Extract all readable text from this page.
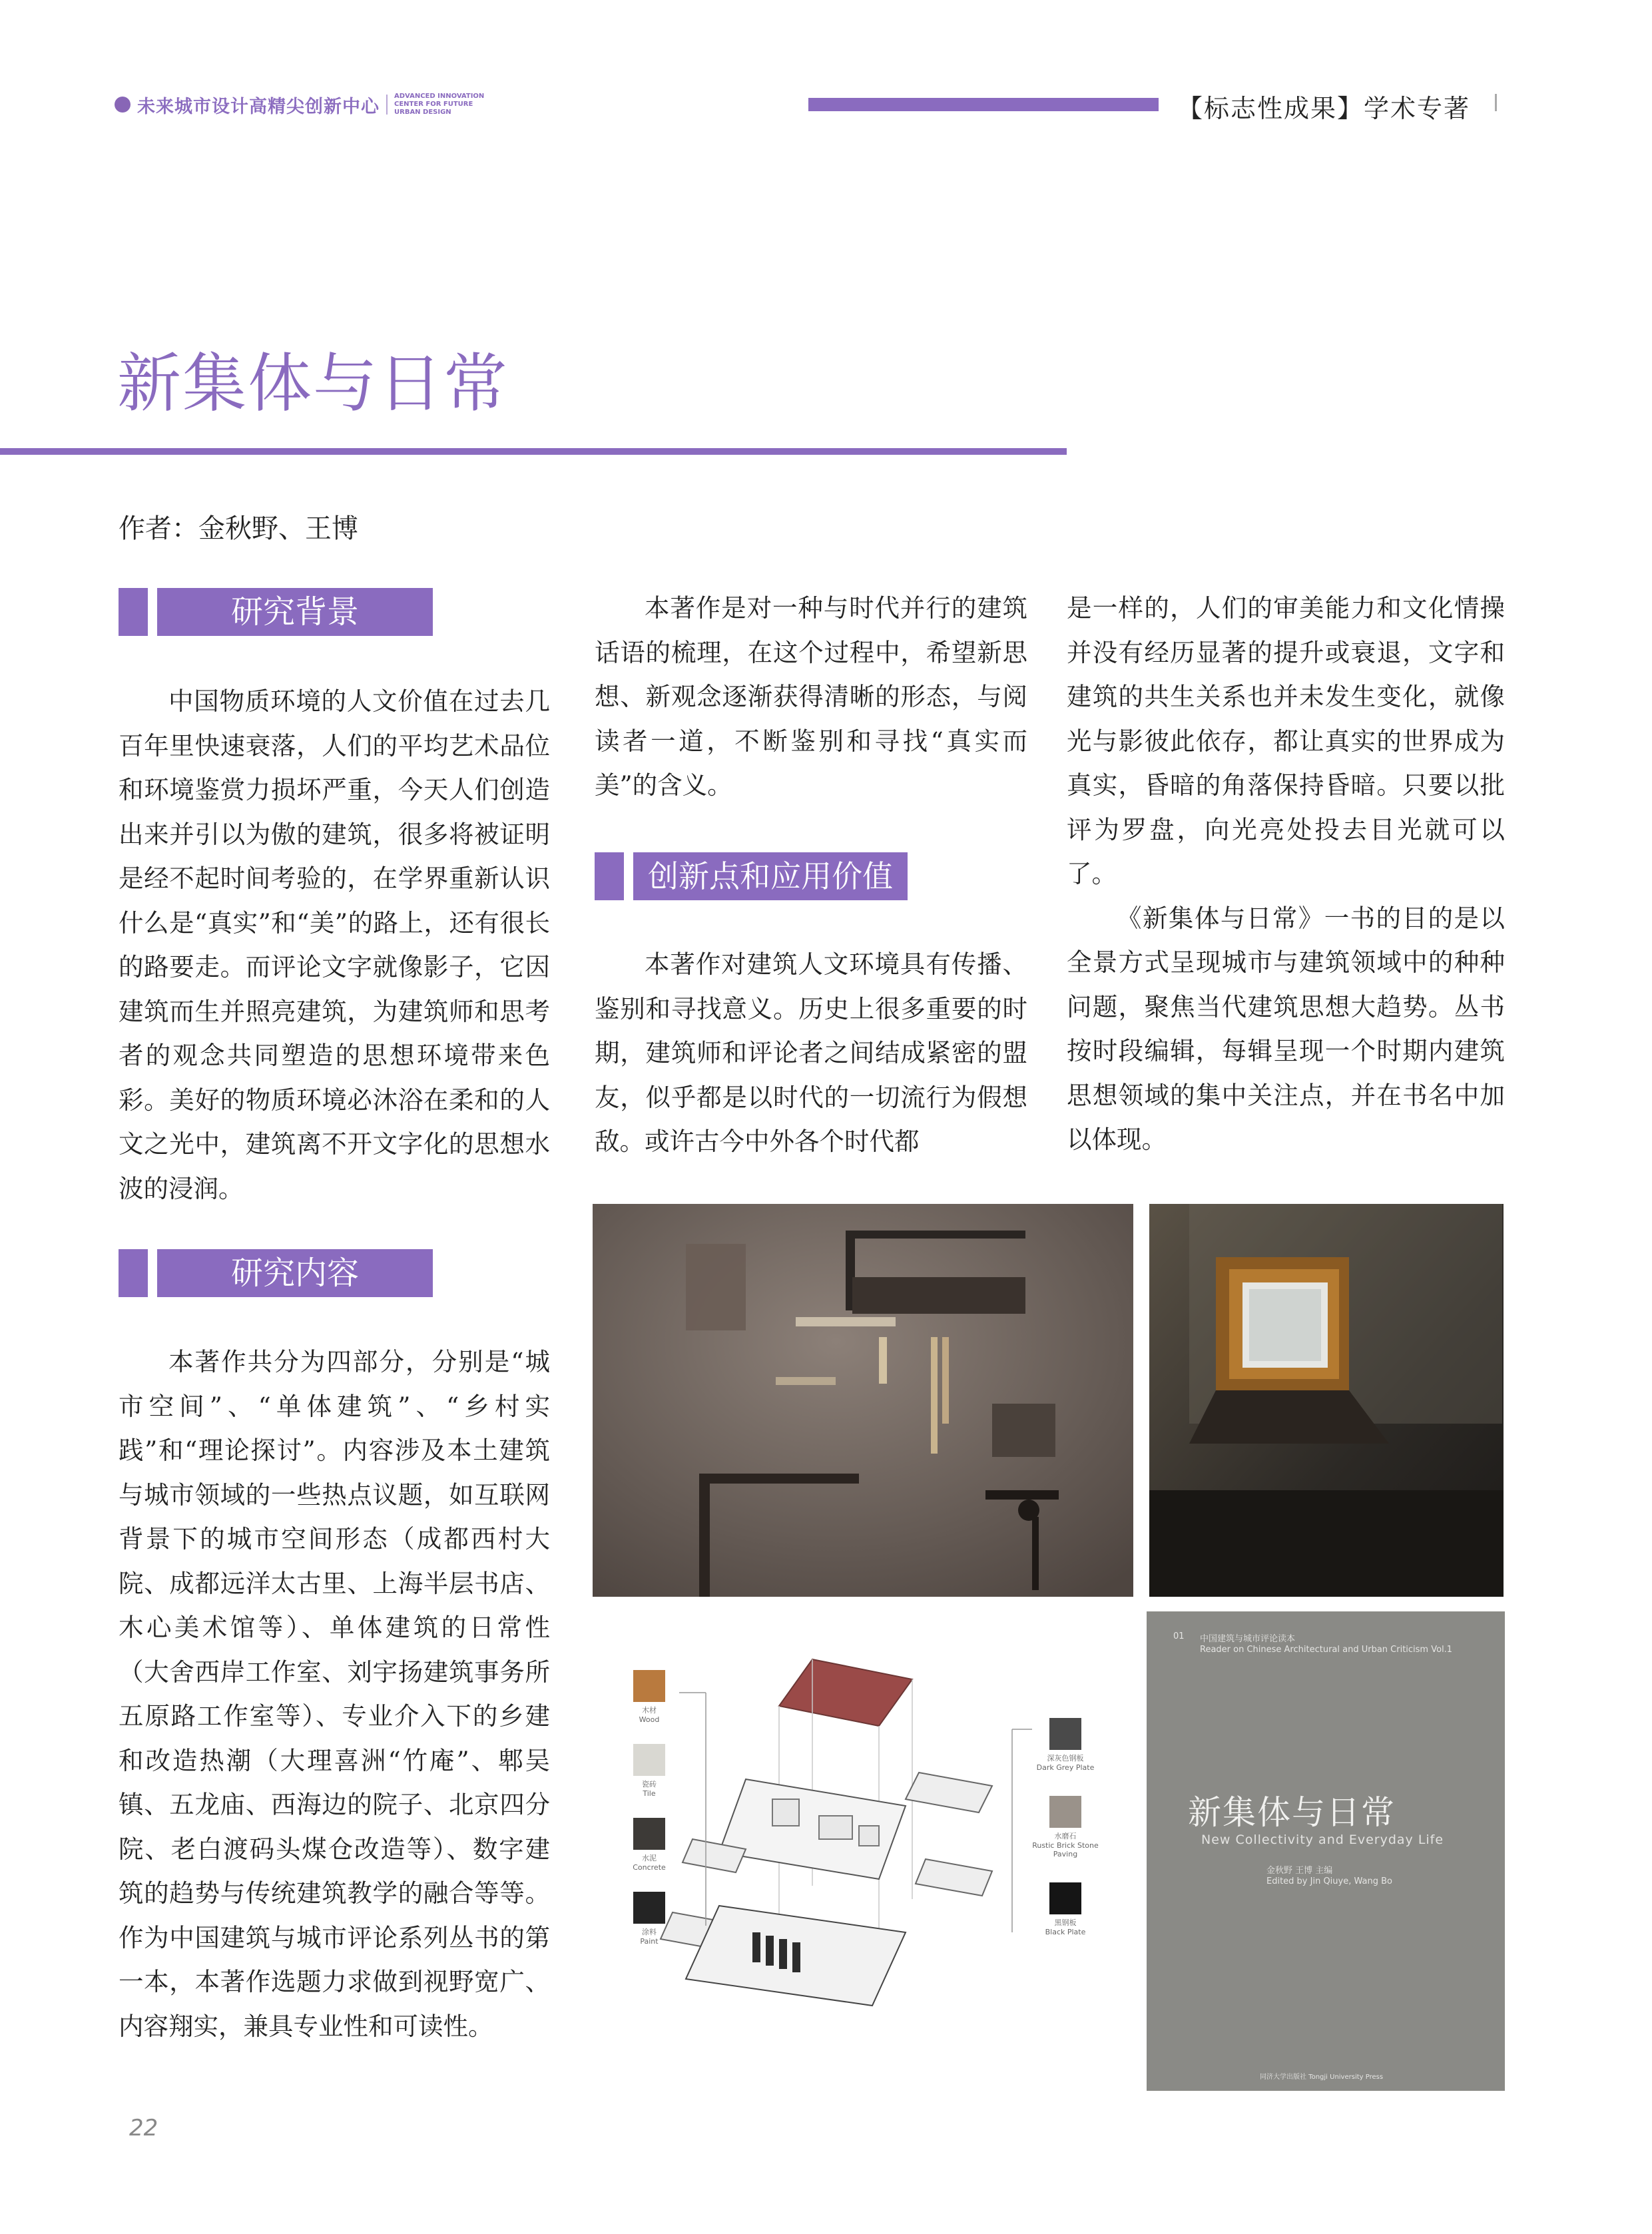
未来城市设计高精尖创新中心 ADVANCED INNOVATION CENTER FOR FUTURE URBAN DESIGN	【标志性成果】学术专著
新集体与日常
作者：金秋野、王博
研究背景

中国物质环境的人文价值在过去几百年里快速衰落，人们的平均艺术品位和环境鉴赏力损坏严重，今天人们创造出来并引以为傲的建筑，很多将被证明是经不起时间考验的，在学界重新认识什么是“真实”和“美”的路上，还有很长的路要走。而评论文字就像影子，它因建筑而生并照亮建筑，为建筑师和思考者的观念共同塑造的思想环境带来色彩。美好的物质环境必沐浴在柔和的人文之光中，建筑离不开文字化的思想水波的浸润。

研究内容

本著作共分为四部分，分别是“城市空间”、“单体建筑”、“乡村实践”和“理论探讨”。内容涉及本土建筑与城市领域的一些热点议题，如互联网背景下的城市空间形态（成都西村大院、成都远洋太古里、上海半层书店、木心美术馆等）、单体建筑的日常性（大舍西岸工作室、刘宇扬建筑事务所五原路工作室等）、专业介入下的乡建和改造热潮（大理喜洲“竹庵”、郫吴镇、五龙庙、西海边的院子、北京四分院、老白渡码头煤仓改造等）、数字建筑的趋势与传统建筑教学的融合等等。作为中国建筑与城市评论系列丛书的第一本，本著作选题力求做到视野宽广、内容翔实，兼具专业性和可读性。

本著作是对一种与时代并行的建筑话语的梳理，在这个过程中，希望新思想、新观念逐渐获得清晰的形态，与阅读者一道，不断鉴别和寻找“真实而美”的含义。

创新点和应用价值

本著作对建筑人文环境具有传播、鉴别和寻找意义。历史上很多重要的时期，建筑师和评论者之间结成紧密的盟友，似乎都是以时代的一切流行为假想敌。或许古今中外各个时代都

是一样的，人们的审美能力和文化情操并没有经历显著的提升或衰退，文字和建筑的共生关系也并未发生变化，就像光与影彼此依存，都让真实的世界成为真实，昏暗的角落保持昏暗。只要以批评为罗盘，向光亮处投去目光就可以了。

《新集体与日常》一书的目的是以全景方式呈现城市与建筑领域中的种种问题，聚焦当代建筑思想大趋势。丛书按时段编辑，每辑呈现一个时期内建筑思想领域的集中关注点，并在书名中加以体现。

木材
Wood
瓷砖
Tile
水泥
Concrete
涂料
Paint
深灰色钢板
Dark Grey Plate
水磨石
Rustic Brick Stone Paving
黑钢板
Black Plate
01 中国建筑与城市评论读本
Reader on Chinese Architectural and Urban Criticism Vol.1
新集体与日常
New Collectivity and Everyday Life
金秋野 王博 主编
Edited by Jin Qiuye, Wang Bo
同济大学出版社 Tongji University Press
22
